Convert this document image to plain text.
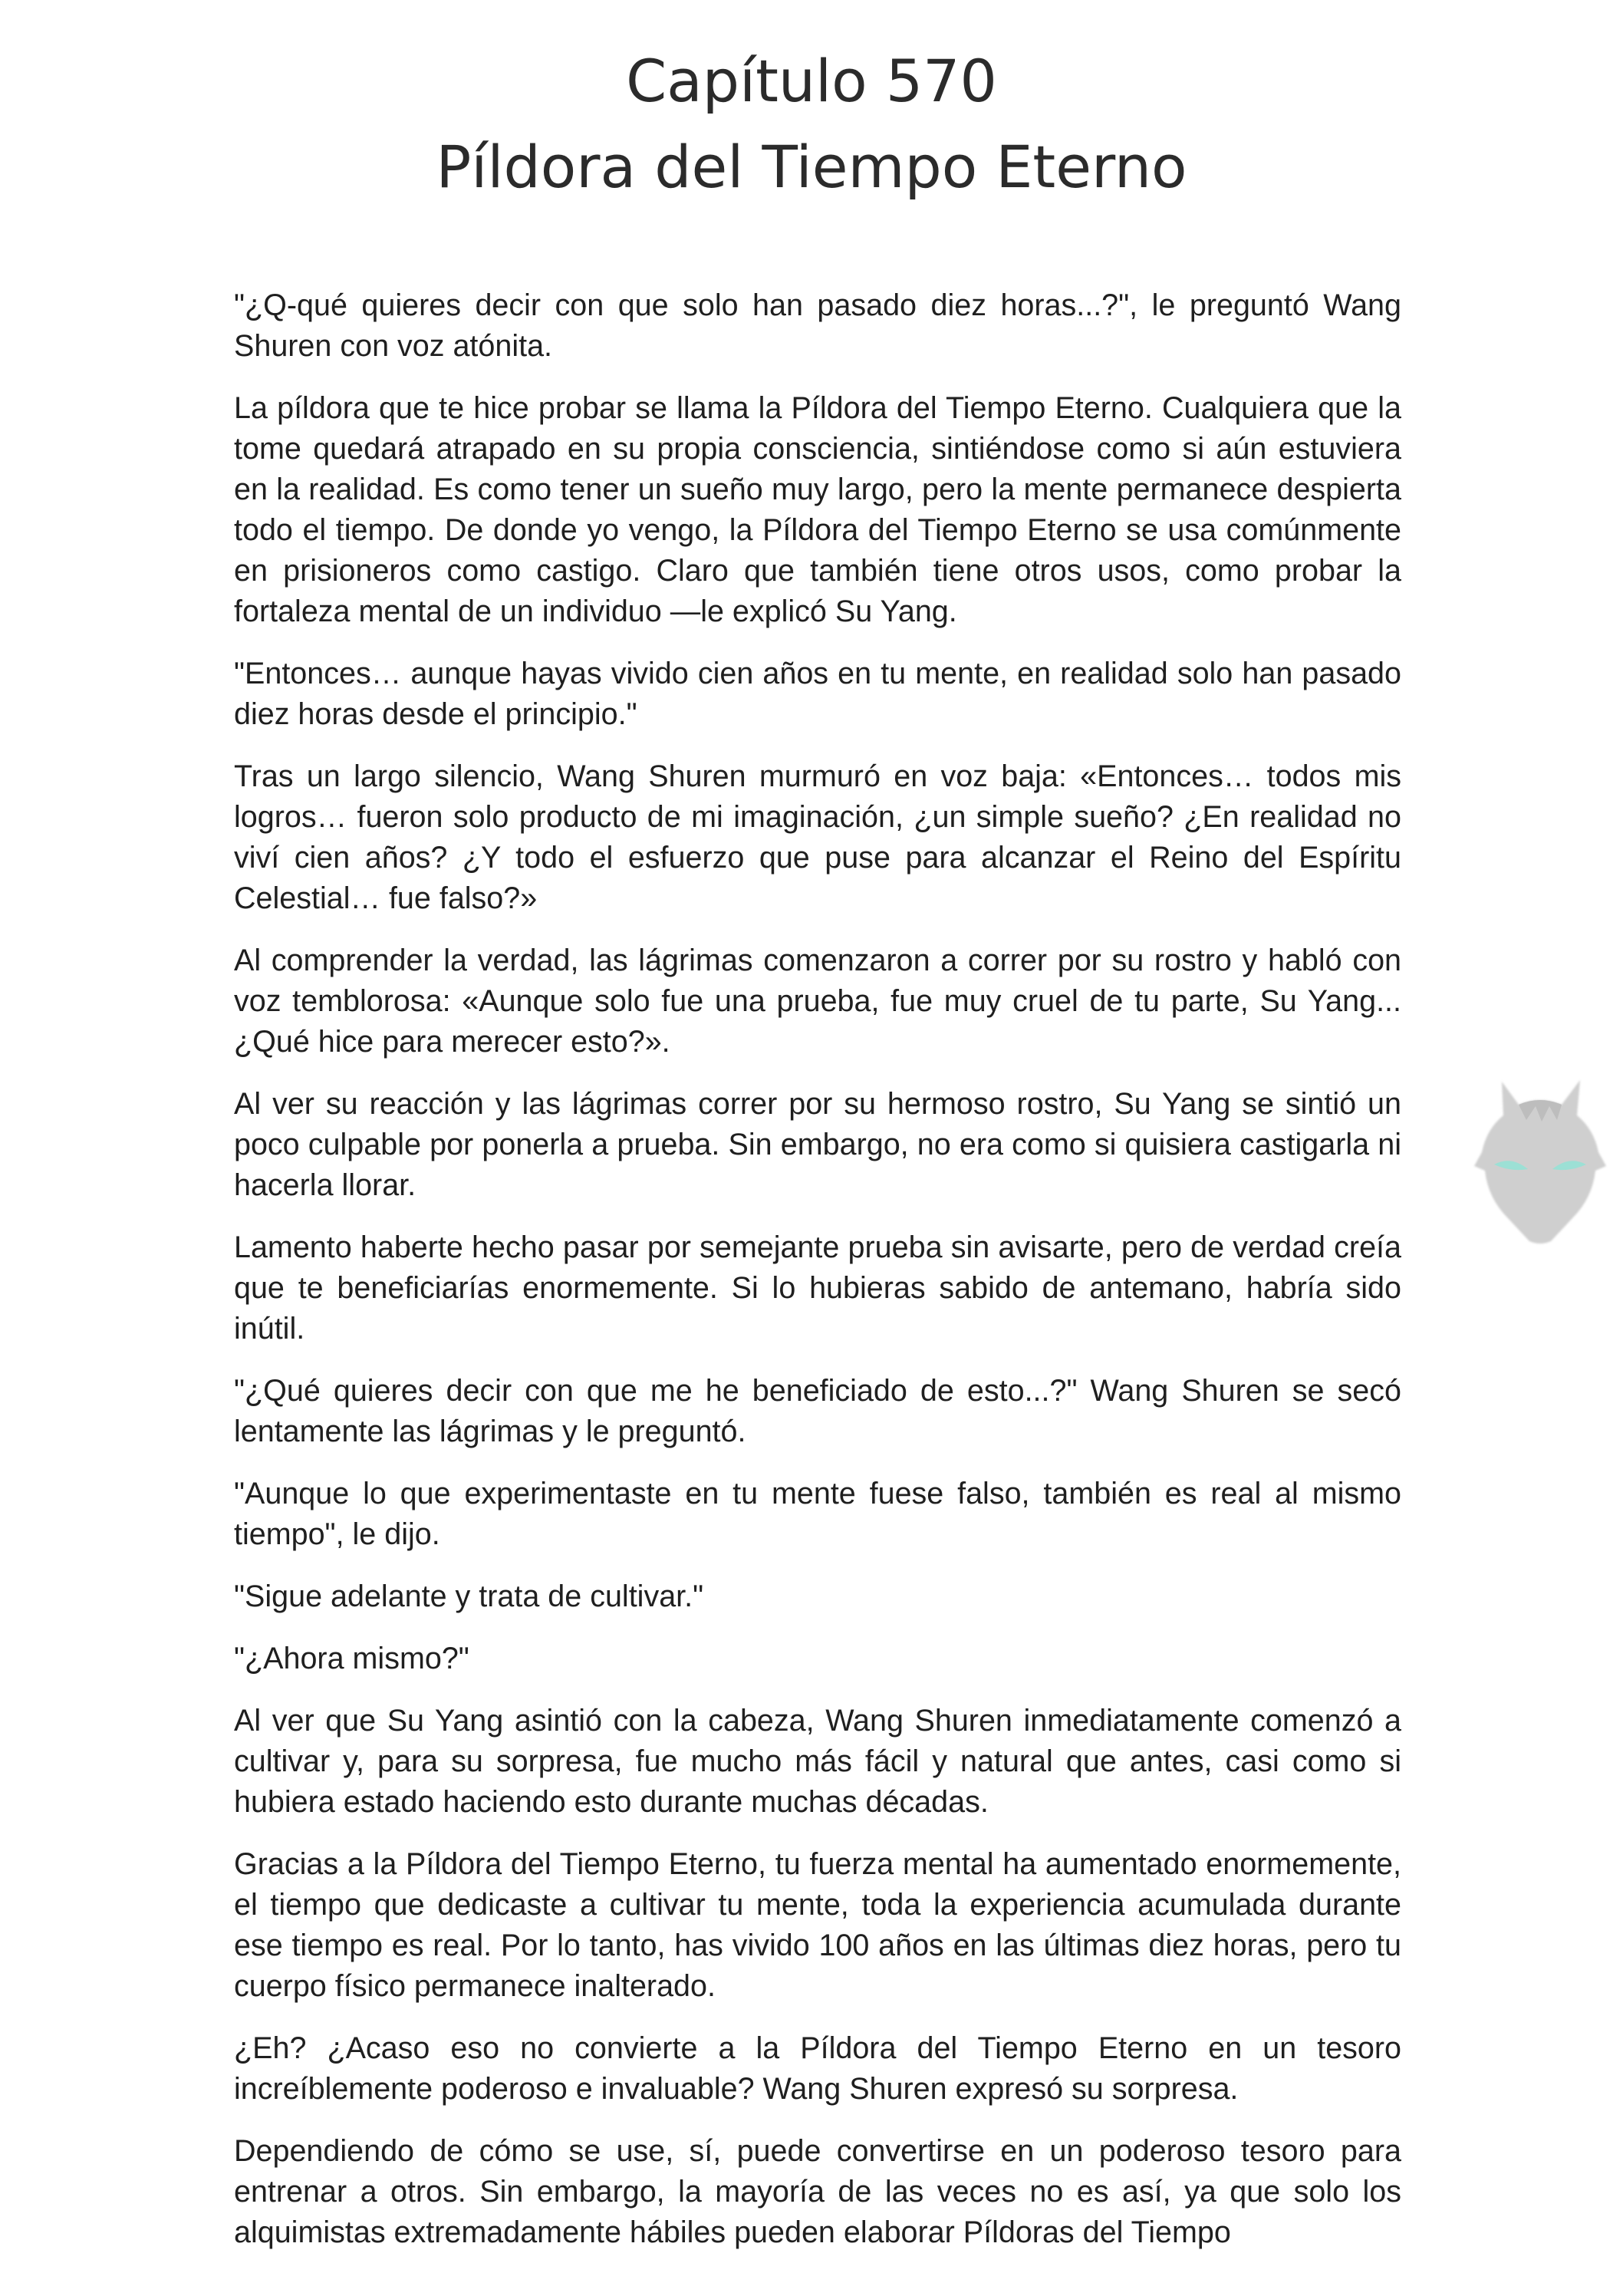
Capítulo 570
Píldora del Tiempo Eterno

"¿Q-qué quieres decir con que solo han pasado diez horas...?", le preguntó Wang Shuren con voz atónita.

La píldora que te hice probar se llama la Píldora del Tiempo Eterno. Cualquiera que la tome quedará atrapado en su propia consciencia, sintiéndose como si aún estuviera en la realidad. Es como tener un sueño muy largo, pero la mente permanece despierta todo el tiempo. De donde yo vengo, la Píldora del Tiempo Eterno se usa comúnmente en prisioneros como castigo. Claro que también tiene otros usos, como probar la fortaleza mental de un individuo —le explicó Su Yang.

"Entonces… aunque hayas vivido cien años en tu mente, en realidad solo han pasado diez horas desde el principio."

Tras un largo silencio, Wang Shuren murmuró en voz baja: «Entonces… todos mis logros… fueron solo producto de mi imaginación, ¿un simple sueño? ¿En realidad no viví cien años? ¿Y todo el esfuerzo que puse para alcanzar el Reino del Espíritu Celestial… fue falso?»

Al comprender la verdad, las lágrimas comenzaron a correr por su rostro y habló con voz temblorosa: «Aunque solo fue una prueba, fue muy cruel de tu parte, Su Yang... ¿Qué hice para merecer esto?».

Al ver su reacción y las lágrimas correr por su hermoso rostro, Su Yang se sintió un poco culpable por ponerla a prueba. Sin embargo, no era como si quisiera castigarla ni hacerla llorar.

Lamento haberte hecho pasar por semejante prueba sin avisarte, pero de verdad creía que te beneficiarías enormemente. Si lo hubieras sabido de antemano, habría sido inútil.

"¿Qué quieres decir con que me he beneficiado de esto...?" Wang Shuren se secó lentamente las lágrimas y le preguntó.

"Aunque lo que experimentaste en tu mente fuese falso, también es real al mismo tiempo", le dijo.

"Sigue adelante y trata de cultivar."

"¿Ahora mismo?"

Al ver que Su Yang asintió con la cabeza, Wang Shuren inmediatamente comenzó a cultivar y, para su sorpresa, fue mucho más fácil y natural que antes, casi como si hubiera estado haciendo esto durante muchas décadas.

Gracias a la Píldora del Tiempo Eterno, tu fuerza mental ha aumentado enormemente, el tiempo que dedicaste a cultivar tu mente, toda la experiencia acumulada durante ese tiempo es real. Por lo tanto, has vivido 100 años en las últimas diez horas, pero tu cuerpo físico permanece inalterado.

¿Eh? ¿Acaso eso no convierte a la Píldora del Tiempo Eterno en un tesoro increíblemente poderoso e invaluable? Wang Shuren expresó su sorpresa.

Dependiendo de cómo se use, sí, puede convertirse en un poderoso tesoro para entrenar a otros. Sin embargo, la mayoría de las veces no es así, ya que solo los alquimistas extremadamente hábiles pueden elaborar Píldoras del Tiempo
